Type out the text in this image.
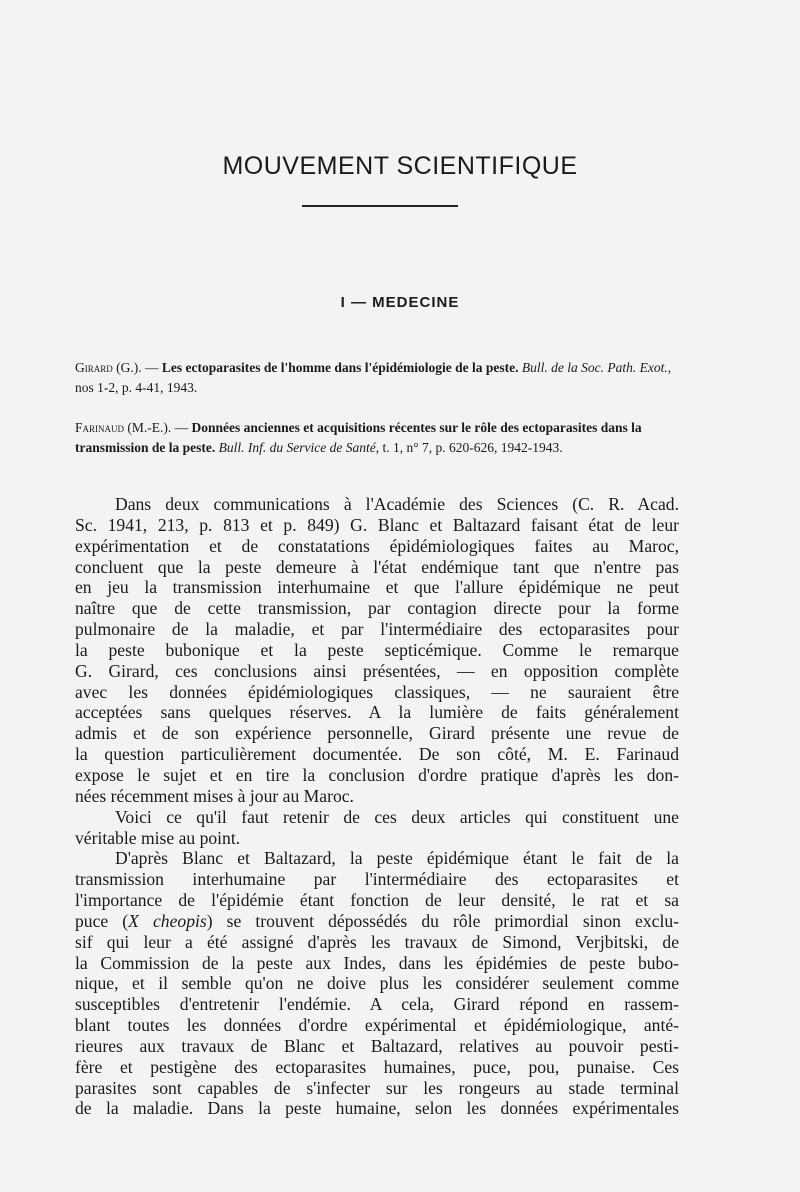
MOUVEMENT SCIENTIFIQUE
I — MEDECINE
Girard (G.). — Les ectoparasites de l'homme dans l'épidémiologie de la peste. Bull. de la Soc. Path. Exot., nos 1-2, p. 4-41, 1943.
Farinaud (M.-E.). — Données anciennes et acquisitions récentes sur le rôle des ectoparasites dans la transmission de la peste. Bull. Inf. du Service de Santé, t. 1, n° 7, p. 620-626, 1942-1943.
Dans deux communications à l'Académie des Sciences (C. R. Acad.
Sc. 1941, 213, p. 813 et p. 849) G. Blanc et Baltazard faisant état de leur
expérimentation et de constatations épidémiologiques faites au Maroc,
concluent que la peste demeure à l'état endémique tant que n'entre pas
en jeu la transmission interhumaine et que l'allure épidémique ne peut
naître que de cette transmission, par contagion directe pour la forme
pulmonaire de la maladie, et par l'intermédiaire des ectoparasites pour
la peste bubonique et la peste septicémique. Comme le remarque
G. Girard, ces conclusions ainsi présentées, — en opposition complète
avec les données épidémiologiques classiques, — ne sauraient être
acceptées sans quelques réserves. A la lumière de faits généralement
admis et de son expérience personnelle, Girard présente une revue de
la question particulièrement documentée. De son côté, M. E. Farinaud
expose le sujet et en tire la conclusion d'ordre pratique d'après les don-
nées récemment mises à jour au Maroc.
Voici ce qu'il faut retenir de ces deux articles qui constituent une
véritable mise au point.
D'après Blanc et Baltazard, la peste épidémique étant le fait de la
transmission interhumaine par l'intermédiaire des ectoparasites et
l'importance de l'épidémie étant fonction de leur densité, le rat et sa
puce (X cheopis) se trouvent dépossédés du rôle primordial sinon exclu-
sif qui leur a été assigné d'après les travaux de Simond, Verjbitski, de
la Commission de la peste aux Indes, dans les épidémies de peste bubo-
nique, et il semble qu'on ne doive plus les considérer seulement comme
susceptibles d'entretenir l'endémie. A cela, Girard répond en rassem-
blant toutes les données d'ordre expérimental et épidémiologique, anté-
rieures aux travaux de Blanc et Baltazard, relatives au pouvoir pesti-
fère et pestigène des ectoparasites humaines, puce, pou, punaise. Ces
parasites sont capables de s'infecter sur les rongeurs au stade terminal
de la maladie. Dans la peste humaine, selon les données expérimentales
